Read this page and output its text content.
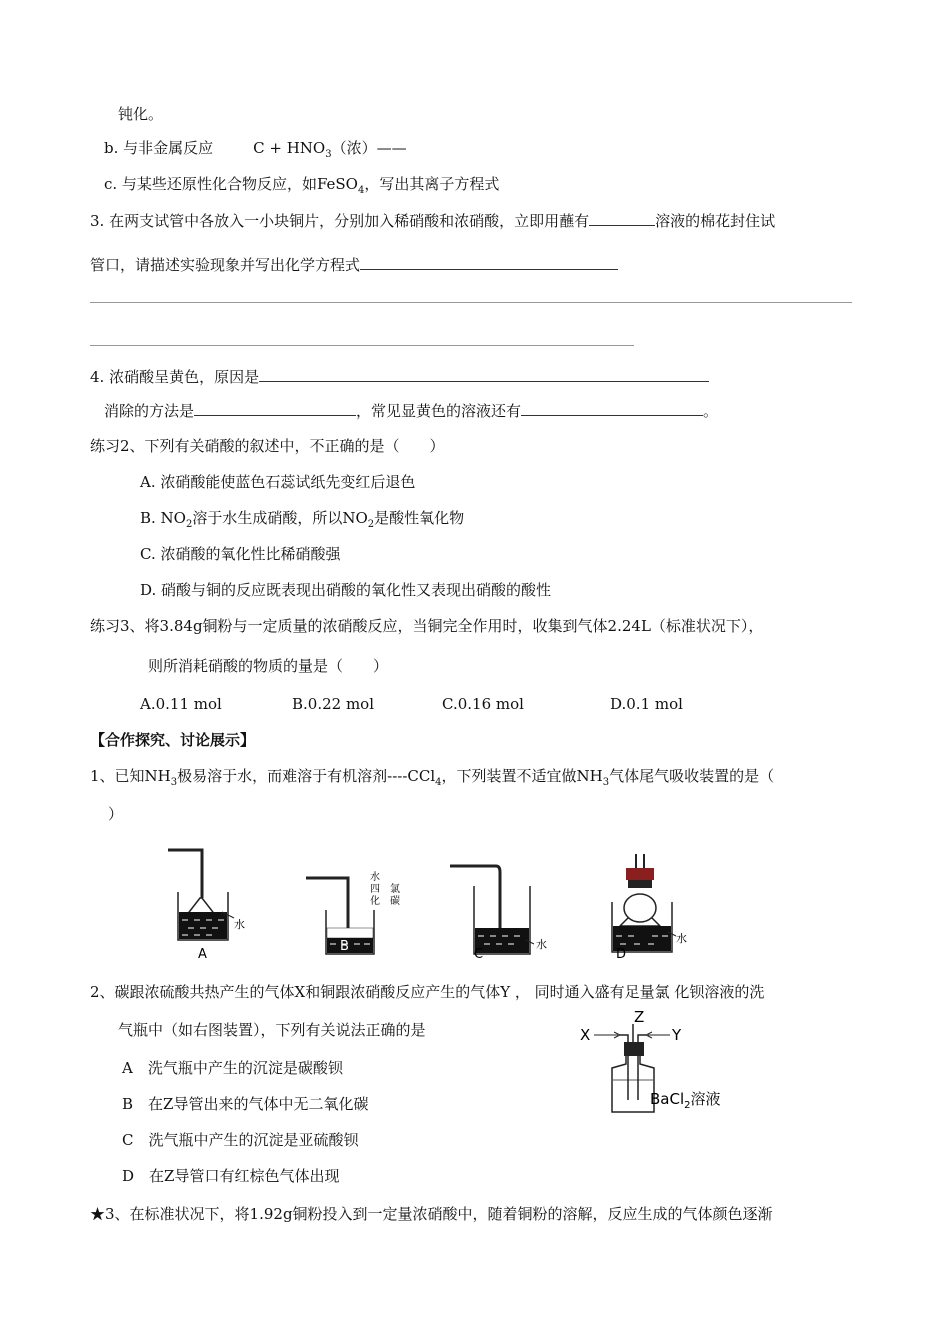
钝化。
b. 与非金属反应	$C + HNO_3$（浓）——
c. 与某些还原性化合物反应，如FeSO$_4$，写出其离子方程式
3. 在两支试管中各放入一小块铜片，分别加入稀硝酸和浓硝酸，立即用蘸有	溶液的棉花封住试
管口，请描述实验现象并写出化学方程式
4. 浓硝酸呈黄色，原因是
消除的方法是	，常见显黄色的溶液还有	。
练习2、下列有关硝酸的叙述中，不正确的是（　　）
A. 浓硝酸能使蓝色石蕊试纸先变红后退色
B. $NO_2$溶于水生成硝酸，所以$NO_2$是酸性氧化物
C. 浓硝酸的氧化性比稀硝酸强
D. 硝酸与铜的反应既表现出硝酸的氧化性又表现出硝酸的酸性
练习3、将3.84g铜粉与一定质量的浓硝酸反应，当铜完全作用时，收集到气体2.24L（标准状况下），
则所消耗硝酸的物质的量是（　　）
A.0.11 mol	B.0.22 mol	C.0.16 mol	D.0.1 mol
【合作探究、讨论展示】
1、已知$NH_3$极易溶于水，而难溶于有机溶剂----CCl$_4$，下列装置不适宜做$NH_3$气体尾气吸收装置的是（
）
水
A
水
四
化
氯
碳
B	水
C
水
D
2、碳跟浓硫酸共热产生的气体X和铜跟浓硝酸反应产生的气体Y ， 同时通入盛有足量氯 化钡溶液的洗
气瓶中（如右图装置），下列有关说法正确的是
A　洗气瓶中产生的沉淀是碳酸钡
B　在Z导管出来的气体中无二氧化碳
C　洗气瓶中产生的沉淀是亚硫酸钡
D　在Z导管口有红棕色气体出现
X
Z
Y
BaCl$_2$溶液
★3、在标准状况下，将1.92g铜粉投入到一定量浓硝酸中，随着铜粉的溶解，反应生成的气体颜色逐渐
